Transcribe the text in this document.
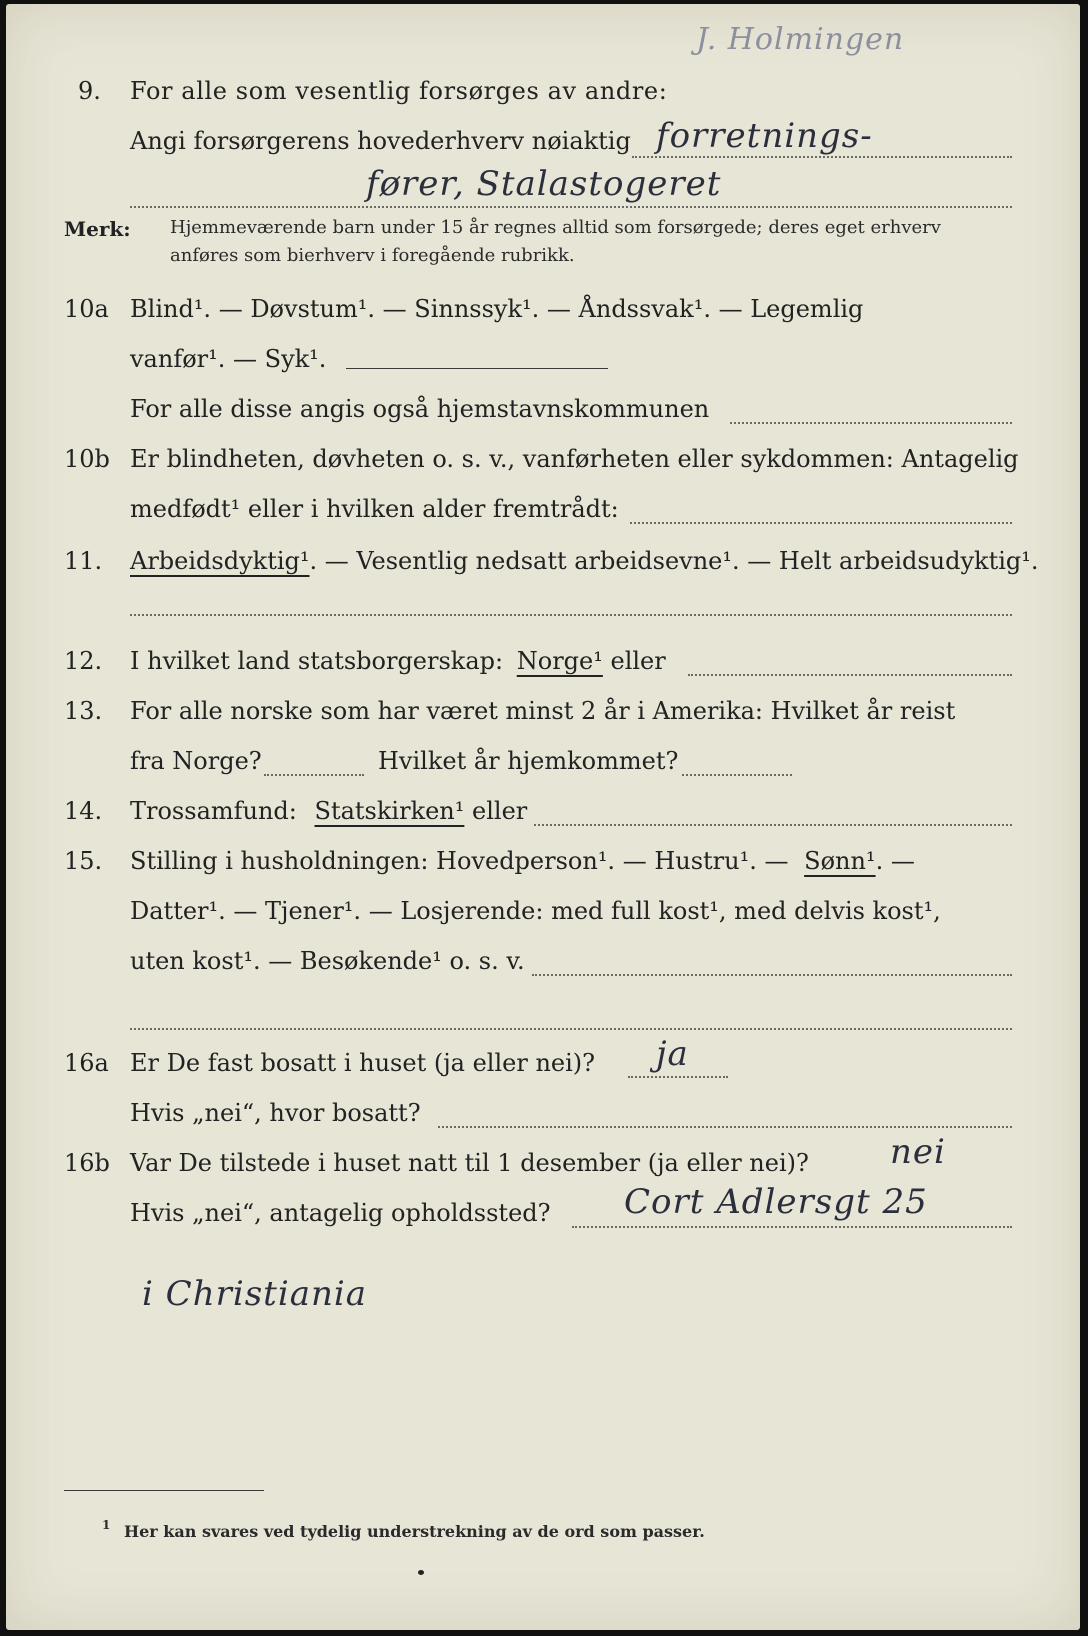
J. Holmingen
9. For alle som vesentlig forsørges av andre:
Angi forsørgerens hovederhverv nøiaktig forretnings-
fører, Stalastogeret
Merk: Hjemmeværende barn under 15 år regnes alltid som forsørgede; deres eget erhverv
anføres som bierhverv i foregående rubrikk.
10a Blind¹. — Døvstum¹. — Sinnssyk¹. — Åndssvak¹. — Legemlig
vanfør¹. — Syk¹.
For alle disse angis også hjemstavnskommunen
10b Er blindheten, døvheten o. s. v., vanførheten eller sykdommen: Antagelig
medfødt¹ eller i hvilken alder fremtrådt:
11. Arbeidsdyktig¹. — Vesentlig nedsatt arbeidsevne¹. — Helt arbeidsudyktig¹.
12. I hvilket land statsborgerskap: Norge¹ eller
13. For alle norske som har været minst 2 år i Amerika: Hvilket år reist
fra Norge?	Hvilket år hjemkommet?
14. Trossamfund: Statskirken¹ eller
15. Stilling i husholdningen: Hovedperson¹. — Hustru¹. — Sønn¹. —
Datter¹. — Tjener¹. — Losjerende: med full kost¹, med delvis kost¹,
uten kost¹. — Besøkende¹ o. s. v.
16a Er De fast bosatt i huset (ja eller nei)? ja
Hvis „nei“, hvor bosatt?
16b Var De tilstede i huset natt til 1 desember (ja eller nei)? nei
Hvis „nei“, antagelig opholdssted? Cort Adlersgt 25
i Christiania
1 Her kan svares ved tydelig understrekning av de ord som passer.
